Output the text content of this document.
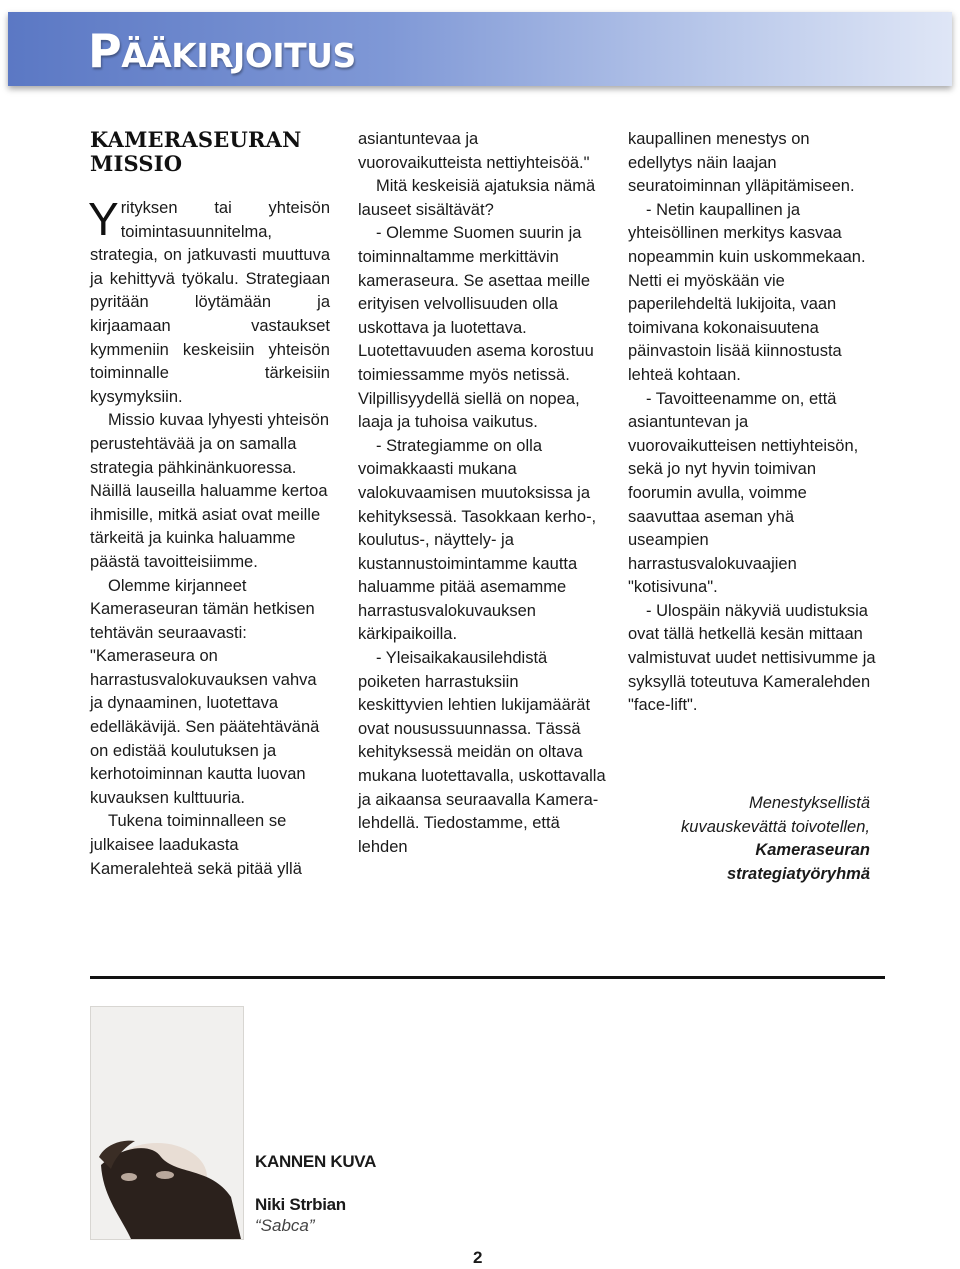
PÄÄKIRJOITUS
KAMERASEURAN MISSIO

Yrityksen tai yhteisön toimintasuunnitelma, strategia, on jatkuvasti muuttuva ja kehittyvä työkalu. Strategiaan pyritään löytämään ja kirjaamaan vastaukset kymmeniin keskeisiin yhteisön toiminnalle tärkeisiin kysymyksiin.

Missio kuvaa lyhyesti yhteisön perustehtävää ja on samalla strategia pähkinänkuoressa. Näillä lauseilla haluamme kertoa ihmisille, mitkä asiat ovat meille tärkeitä ja kuinka haluamme päästä tavoitteisiimme.

Olemme kirjanneet Kameraseuran tämän hetkisen tehtävän seuraavasti:

"Kameraseura on harrastusvalokuvauksen vahva ja dynaaminen, luotettava edelläkävijä. Sen päätehtävänä on edistää koulutuksen ja kerhotoiminnan kautta luovan kuvauksen kulttuuria.

Tukena toiminnalleen se julkaisee laadukasta Kameralehteä sekä pitää yllä

asiantuntevaa ja vuorovaikutteista nettiyhteisöä."

Mitä keskeisiä ajatuksia nämä lauseet sisältävät?

- Olemme Suomen suurin ja toiminnaltamme merkittävin kameraseura. Se asettaa meille erityisen velvollisuuden olla uskottava ja luotettava. Luotettavuuden asema korostuu toimiessamme myös netissä. Vilpillisyydellä siellä on nopea, laaja ja tuhoisa vaikutus.

- Strategiamme on olla voimakkaasti mukana valokuvaamisen muutoksissa ja kehityksessä. Tasokkaan kerho-, koulutus-, näyttely- ja kustannustoimintamme kautta haluamme pitää asemamme harrastusvalokuvauksen kärkipaikoilla.

- Yleisaikakausilehdistä poiketen harrastuksiin keskittyvien lehtien lukijamäärät ovat nousussuunnassa. Tässä kehityksessä meidän on oltava mukana luotettavalla, uskottavalla ja aikaansa seuraavalla Kamera-lehdellä. Tiedostamme, että lehden

kaupallinen menestys on edellytys näin laajan seuratoiminnan ylläpitämiseen.

- Netin kaupallinen ja yhteisöllinen merkitys kasvaa nopeammin kuin uskommekaan. Netti ei myöskään vie paperilehdeltä lukijoita, vaan toimivana kokonaisuutena päinvastoin lisää kiinnostusta lehteä kohtaan.

- Tavoitteenamme on, että asiantuntevan ja vuorovaikutteisen nettiyhteisön, sekä jo nyt hyvin toimivan foorumin avulla, voimme saavuttaa aseman yhä useampien harrastusvalokuvaajien "kotisivuna".

- Ulospäin näkyviä uudistuksia ovat tällä hetkellä kesän mittaan valmistuvat uudet nettisivumme ja syksyllä toteutuva Kameralehden "face-lift".

Menestyksellistä
kuvauskevättä toivotellen,
Kameraseuran
strategiatyöryhmä
KANNEN KUVA
Niki Strbian
“Sabca”
2
